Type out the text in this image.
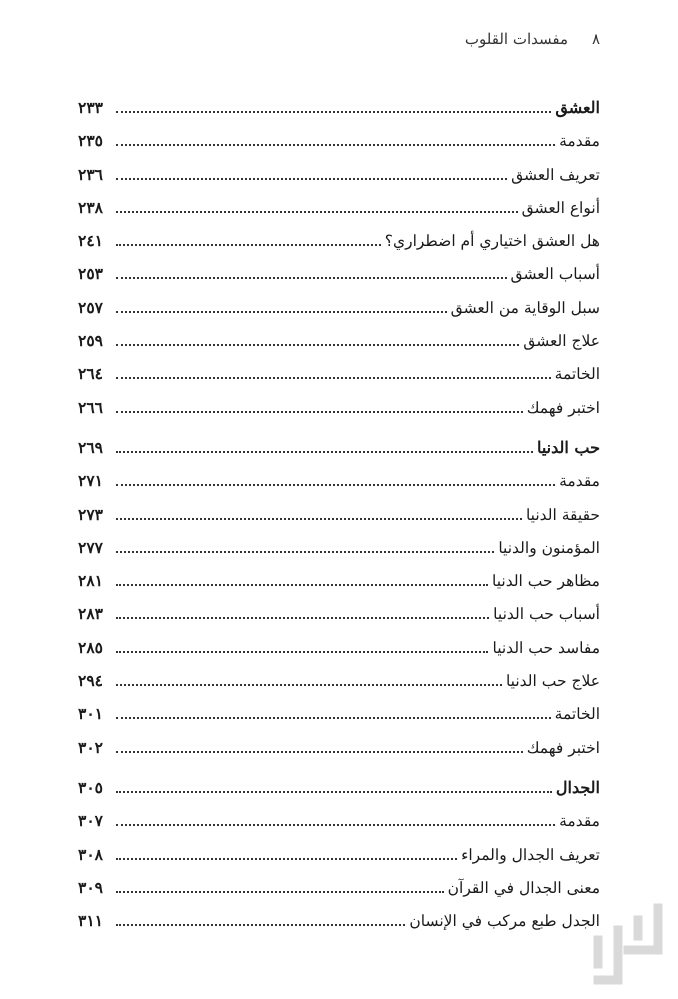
٨
مفسدات القلوب
العشق
٢٣٣
مقدمة
٢٣٥
تعريف العشق
٢٣٦
أنواع العشق
٢٣٨
هل العشق اختياري أم اضطراري؟
٢٤١
أسباب العشق
٢٥٣
سبل الوقاية من العشق
٢٥٧
علاج العشق
٢٥٩
الخاتمة
٢٦٤
اختبر فهمك
٢٦٦
حب الدنيا
٢٦٩
مقدمة
٢٧١
حقيقة الدنيا
٢٧٣
المؤمنون والدنيا
٢٧٧
مظاهر حب الدنيا
٢٨١
أسباب حب الدنيا
٢٨٣
مفاسد حب الدنيا
٢٨٥
علاج حب الدنيا
٢٩٤
الخاتمة
٣٠١
اختبر فهمك
٣٠٢
الجدال
٣٠٥
مقدمة
٣٠٧
تعريف الجدال والمراء
٣٠٨
معنى الجدال في القرآن
٣٠٩
الجدل طبع مركب في الإنسان
٣١١
